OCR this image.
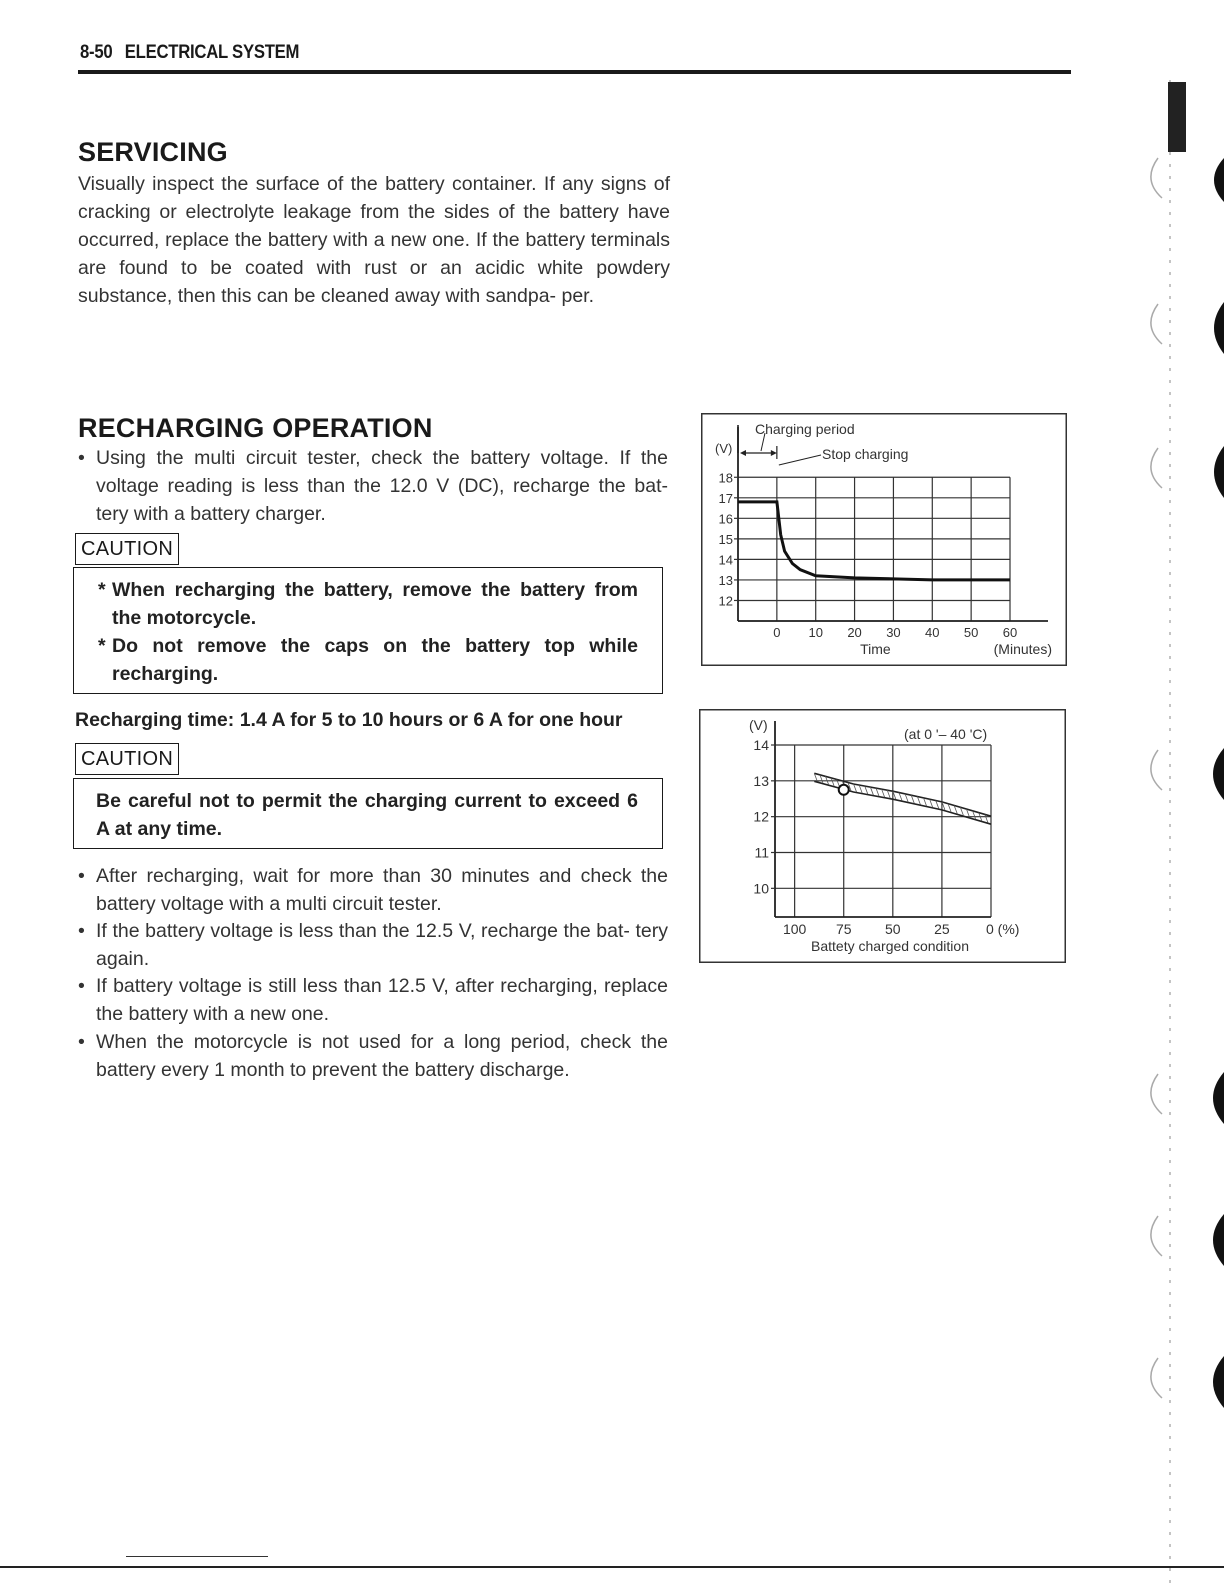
8-50 ELECTRICAL SYSTEM
SERVICING
Visually inspect the surface of the battery container. If any signs of cracking or electrolyte leakage from the sides of the battery have occurred, replace the battery with a new one. If the battery terminals are found to be coated with rust or an acidic white powdery substance, then this can be cleaned away with sandpa- per.
RECHARGING OPERATION
• Using the multi circuit tester, check the battery voltage. If the voltage reading is less than the 12.0 V (DC), recharge the bat- tery with a battery charger.
CAUTION
* When recharging the battery, remove the battery from the motorcycle.
* Do not remove the caps on the battery top while recharging.
Recharging time: 1.4 A for 5 to 10 hours or 6 A for one hour
CAUTION
Be careful not to permit the charging current to exceed 6 A at any time.
• After recharging, wait for more than 30 minutes and check the battery voltage with a multi circuit tester.
• If the battery voltage is less than the 12.5 V, recharge the bat- tery again.
• If battery voltage is still less than 12.5 V, after recharging, replace the battery with a new one.
• When the motorcycle is not used for a long period, check the battery every 1 month to prevent the battery discharge.
12
13
14
15
16
17
18
0 10 20 30 40 50 60
(V)
Time	(Minutes)
Charging period
Stop charging
10
11
12
13
14
100 75 50 25	0 (%)
(V)
Battety charged condition
(at 0 '– 40 'C)
